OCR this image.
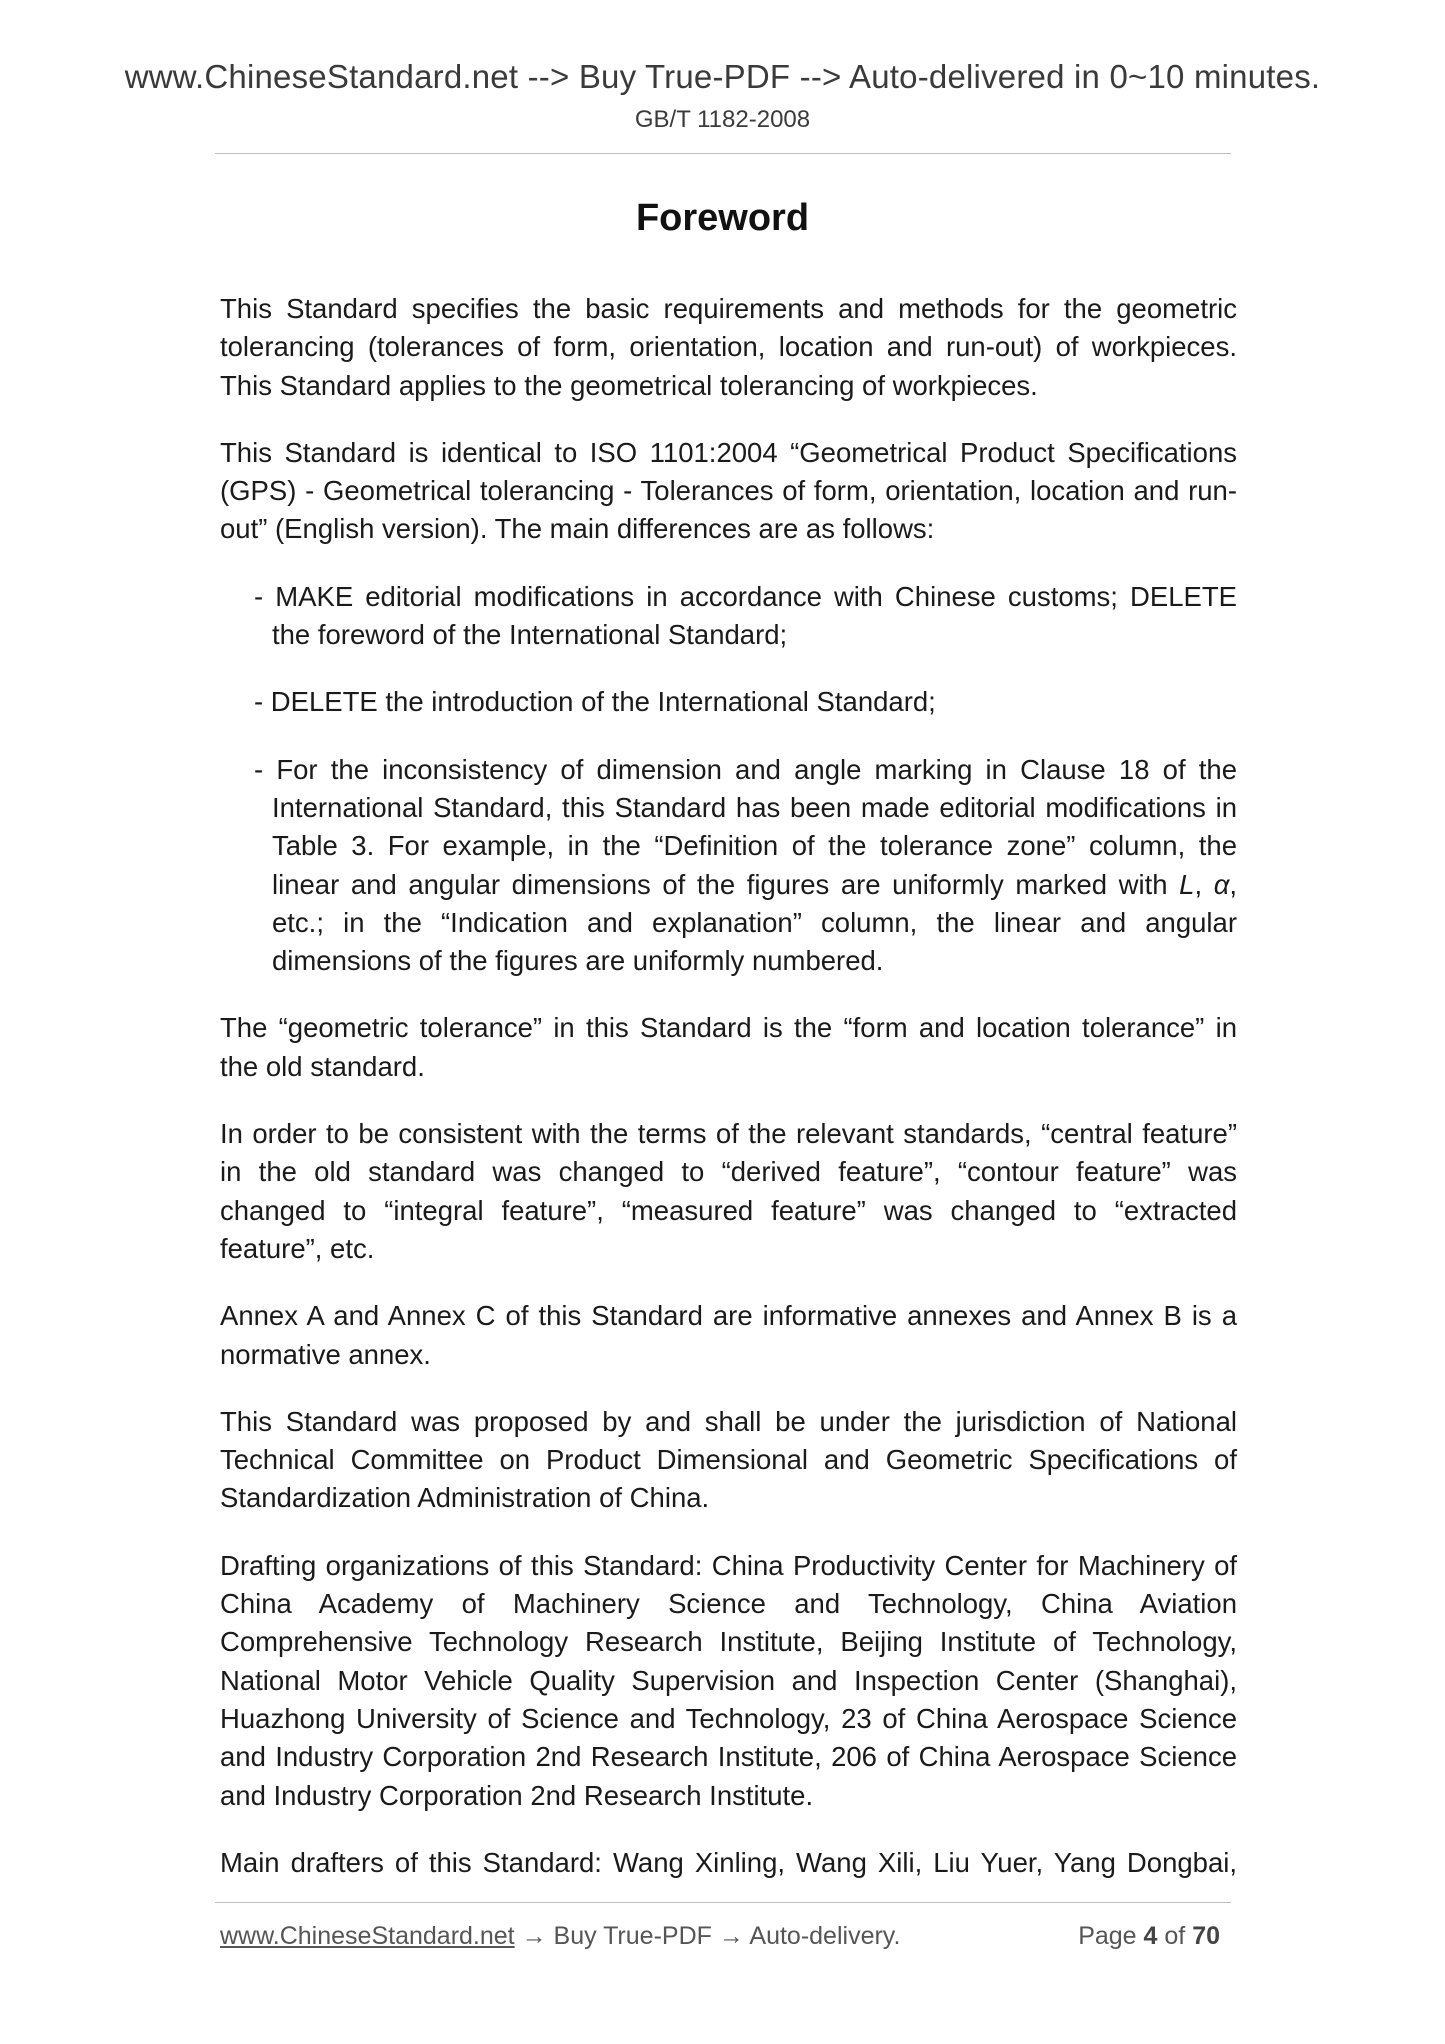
www.ChineseStandard.net --> Buy True-PDF --> Auto-delivered in 0~10 minutes.
GB/T 1182-2008
Foreword

This Standard specifies the basic requirements and methods for the geometric tolerancing (tolerances of form, orientation, location and run-out) of workpieces. This Standard applies to the geometrical tolerancing of workpieces.

This Standard is identical to ISO 1101:2004 “Geometrical Product Specifications (GPS) - Geometrical tolerancing - Tolerances of form, orientation, location and run-out” (English version). The main differences are as follows:

- MAKE editorial modifications in accordance with Chinese customs; DELETE the foreword of the International Standard;

- DELETE the introduction of the International Standard;

- For the inconsistency of dimension and angle marking in Clause 18 of the International Standard, this Standard has been made editorial modifications in Table 3. For example, in the “Definition of the tolerance zone” column, the linear and angular dimensions of the figures are uniformly marked with L, α, etc.; in the “Indication and explanation” column, the linear and angular dimensions of the figures are uniformly numbered.

The “geometric tolerance” in this Standard is the “form and location tolerance” in the old standard.

In order to be consistent with the terms of the relevant standards, “central feature” in the old standard was changed to “derived feature”, “contour feature” was changed to “integral feature”, “measured feature” was changed to “extracted feature”, etc.

Annex A and Annex C of this Standard are informative annexes and Annex B is a normative annex.

This Standard was proposed by and shall be under the jurisdiction of National Technical Committee on Product Dimensional and Geometric Specifications of Standardization Administration of China.

Drafting organizations of this Standard: China Productivity Center for Machinery of China Academy of Machinery Science and Technology, China Aviation Comprehensive Technology Research Institute, Beijing Institute of Technology, National Motor Vehicle Quality Supervision and Inspection Center (Shanghai), Huazhong University of Science and Technology, 23 of China Aerospace Science and Industry Corporation 2nd Research Institute, 206 of China Aerospace Science and Industry Corporation 2nd Research Institute.

Main drafters of this Standard: Wang Xinling, Wang Xili, Liu Yuer, Yang Dongbai,

www.ChineseStandard.net → Buy True-PDF → Auto-delivery.	Page 4 of 70
